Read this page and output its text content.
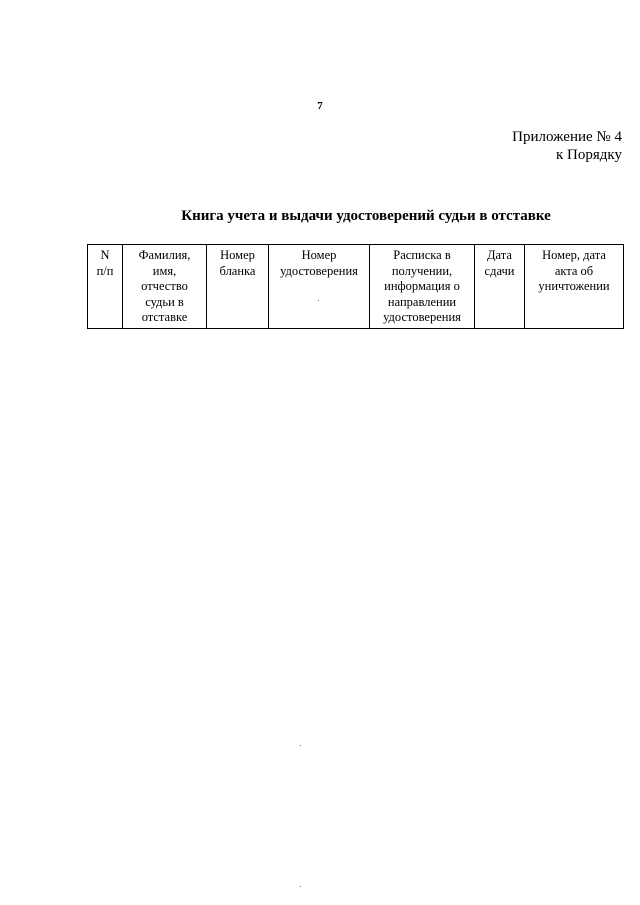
7
Приложение № 4
к Порядку
Книга учета и выдачи удостоверений судьи в отставке
N
п/п

Фамилия,
имя,
отчество
судьи в
отставке

Номер
бланка

Номер
удостоверения

Расписка в
получении,
информация о
направлении
удостоверения

Дата
сдачи

Номер, дата
акта об
уничтожении
